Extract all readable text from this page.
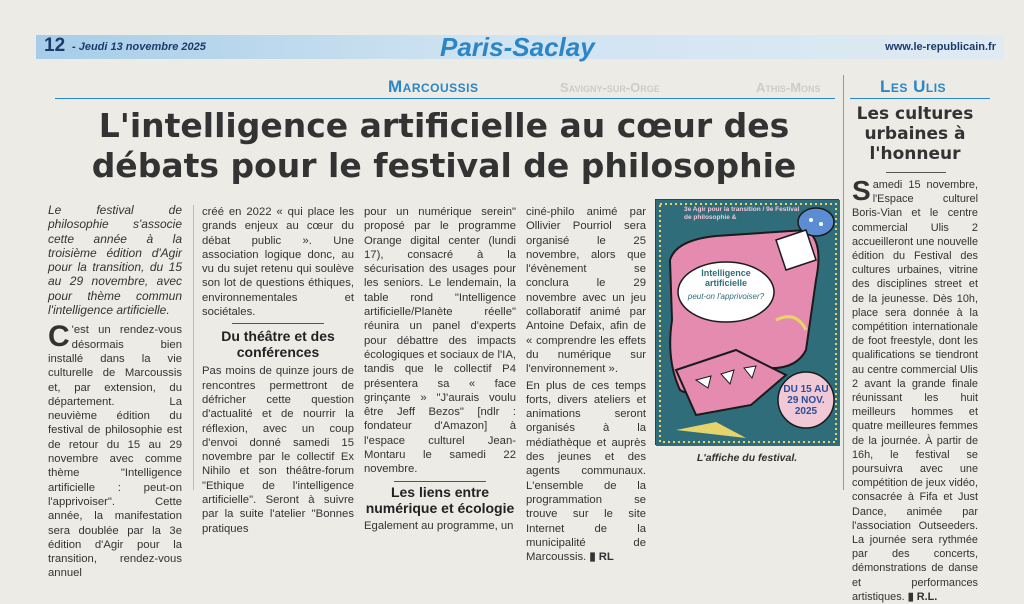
12 - Jeudi 13 novembre 2025	Paris-Saclay	www.le-republicain.fr
Athis-Mons
Savigny-sur-Orge
Marcoussis
L'intelligence artificielle au cœur des débats pour le festival de philosophie

Le festival de philosophie s'associe cette année à la troisième édition d'Agir pour la transition, du 15 au 29 novembre, avec pour thème commun l'intelligence artificielle.

C 'est un rendez-vous désormais bien installé dans la vie culturelle de Marcoussis et, par extension, du département. La neuvième édition du festival de philosophie est de retour du 15 au 29 novembre avec comme thème "Intelligence artificielle : peut-on l'apprivoiser". Cette année, la manifestation sera doublée par la 3e édition d'Agir pour la transition, rendez-vous annuel

créé en 2022 « qui place les grands enjeux au cœur du débat public ». Une association logique donc, au vu du sujet retenu qui soulève son lot de questions éthiques, environnementales et sociétales.

Du théâtre et des conférences

Pas moins de quinze jours de rencontres permettront de défricher cette question d'actualité et de nourrir la réflexion, avec un coup d'envoi donné samedi 15 novembre par le collectif Ex Nihilo et son théâtre-forum "Ethique de l'intelligence artificielle". Seront à suivre par la suite l'atelier "Bonnes pratiques

pour un numérique serein" proposé par le programme Orange digital center (lundi 17), consacré à la sécurisation des usages pour les seniors. Le lendemain, la table rond "Intelligence artificielle/Planète réelle" réunira un panel d'experts pour débattre des impacts écologiques et sociaux de l'IA, tandis que le collectif P4 présentera sa « face grinçante » "J'aurais voulu être Jeff Bezos" [ndlr : fondateur d'Amazon] à l'espace culturel Jean-Montaru le samedi 22 novembre.

Les liens entre numérique et écologie

Egalement au programme, un

ciné-philo animé par Ollivier Pourriol sera organisé le 25 novembre, alors que l'évènement se conclura le 29 novembre avec un jeu collaboratif animé par Antoine Defaix, afin de « comprendre les effets du numérique sur l'environnement ».

En plus de ces temps forts, divers ateliers et animations seront organisés à la médiathèque et auprès des jeunes et des agents communaux. L'ensemble de la programmation se trouve sur le site Internet de la municipalité de Marcoussis. ▮ RL

3e Agir pour la transition / 9e Festival de philosophie &
Intelligence artificielle
peut-on l'apprivoiser?
DU 15 AU 29 NOV. 2025
L'affiche du festival.
Les Ulis
Les cultures urbaines à l'honneur

Samedi 15 novembre, l'Espace culturel Boris-Vian et le centre commercial Ulis 2 accueilleront une nouvelle édition du Festival des cultures urbaines, vitrine des disciplines street et de la jeunesse. Dès 10h, place sera donnée à la compétition internationale de foot freestyle, dont les qualifications se tiendront au centre commercial Ulis 2 avant la grande finale réunissant les huit meilleurs hommes et quatre meilleures femmes de la journée. À partir de 16h, le festival se poursuivra avec une compétition de jeux vidéo, consacrée à Fifa et Just Dance, animée par l'association Outseeders. La journée sera rythmée par des concerts, démonstrations de danse et performances artistiques. ▮ R.L.
